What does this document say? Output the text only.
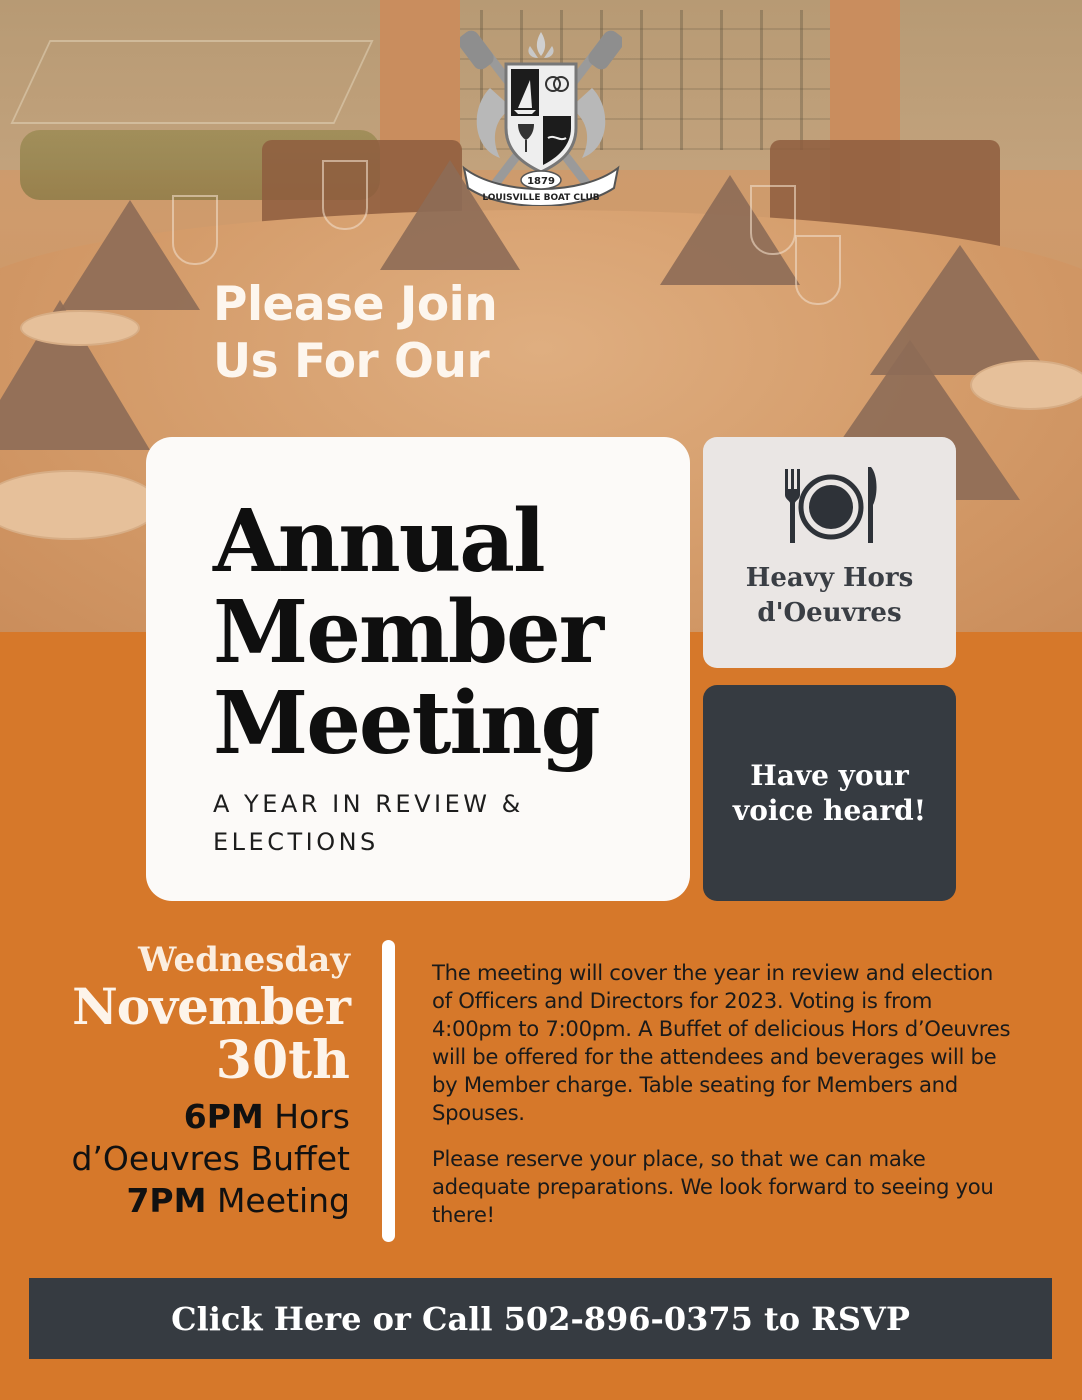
1879
LOUISVILLE BOAT CLUB
Please Join
Us For Our
Annual
Member
Meeting
A YEAR IN REVIEW &
ELECTIONS
Heavy Hors
d'Oeuvres
Have your
voice heard!
Wednesday
November
30th
6PM Hors
d’Oeuvres Buffet
7PM Meeting

The meeting will cover the year in review and election of Officers and Directors for 2023. Voting is from 4:00pm to 7:00pm. A Buffet of delicious Hors d’Oeuvres will be offered for the attendees and beverages will be by Member charge. Table seating for Members and Spouses.

Please reserve your place, so that we can make adequate preparations. We look forward to seeing you there!

Click Here or Call 502-896-0375 to RSVP
